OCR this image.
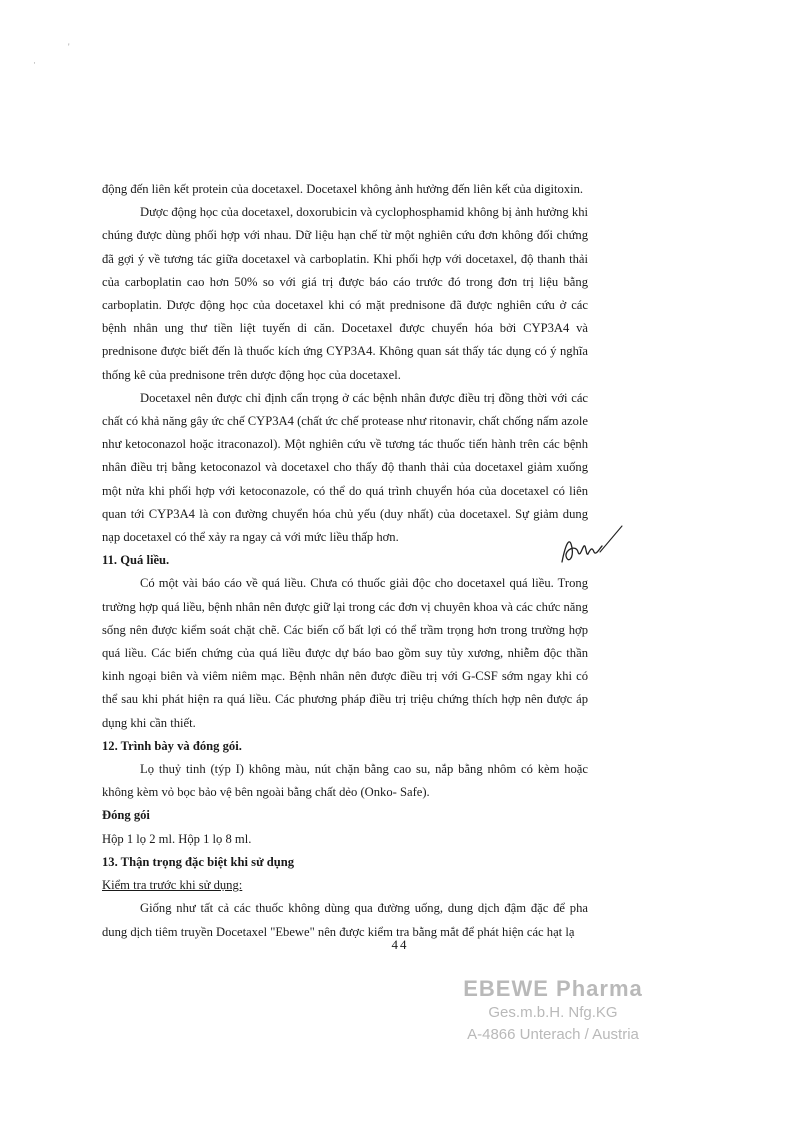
·
'

động đến liên kết protein của docetaxel. Docetaxel không ảnh hưởng đến liên kết của digitoxin.

Dược động học của docetaxel, doxorubicin và cyclophosphamid không bị ảnh hưởng khi chúng được dùng phối hợp với nhau. Dữ liệu hạn chế từ một nghiên cứu đơn không đối chứng đã gợi ý về tương tác giữa docetaxel và carboplatin. Khi phối hợp với docetaxel, độ thanh thải của carboplatin cao hơn 50% so với giá trị được báo cáo trước đó trong đơn trị liệu bằng carboplatin. Dược động học của docetaxel khi có mặt prednisone đã được nghiên cứu ở các bệnh nhân ung thư tiền liệt tuyến di căn. Docetaxel được chuyển hóa bởi CYP3A4 và prednisone được biết đến là thuốc kích ứng CYP3A4. Không quan sát thấy tác dụng có ý nghĩa thống kê của prednisone trên dược động học của docetaxel.

Docetaxel nên được chỉ định cẩn trọng ở các bệnh nhân được điều trị đồng thời với các chất có khả năng gây ức chế CYP3A4 (chất ức chế protease như ritonavir, chất chống nấm azole như ketoconazol hoặc itraconazol). Một nghiên cứu về tương tác thuốc tiến hành trên các bệnh nhân điều trị bằng ketoconazol và docetaxel cho thấy độ thanh thải của docetaxel giảm xuống một nửa khi phối hợp với ketoconazole, có thể do quá trình chuyển hóa của docetaxel có liên quan tới CYP3A4 là con đường chuyển hóa chủ yếu (duy nhất) của docetaxel. Sự giảm dung nạp docetaxel có thể xảy ra ngay cả với mức liều thấp hơn.

11. Quá liều.

Có một vài báo cáo về quá liều. Chưa có thuốc giải độc cho docetaxel quá liều. Trong trường hợp quá liều, bệnh nhân nên được giữ lại trong các đơn vị chuyên khoa và các chức năng sống nên được kiểm soát chặt chẽ. Các biến cố bất lợi có thể trầm trọng hơn trong trường hợp quá liều. Các biến chứng của quá liều được dự báo bao gồm suy tủy xương, nhiễm độc thần kinh ngoại biên và viêm niêm mạc. Bệnh nhân nên được điều trị với G-CSF sớm ngay khi có thể sau khi phát hiện ra quá liều. Các phương pháp điều trị triệu chứng thích hợp nên được áp dụng khi cần thiết.

12. Trình bày và đóng gói.

Lọ thuỷ tinh (týp I) không màu, nút chặn bằng cao su, nắp bằng nhôm có kèm hoặc không kèm vỏ bọc bảo vệ bên ngoài bằng chất dẻo (Onko- Safe).

Đóng gói

Hộp 1 lọ 2 ml. Hộp 1 lọ 8 ml.

13. Thận trọng đặc biệt khi sử dụng

Kiểm tra trước khi sử dụng:

Giống như tất cả các thuốc không dùng qua đường uống, dung dịch đậm đặc để pha dung dịch tiêm truyền Docetaxel "Ebewe" nên được kiểm tra bằng mắt để phát hiện các hạt lạ

44
EBEWE Pharma
Ges.m.b.H. Nfg.KG
A-4866 Unterach / Austria
